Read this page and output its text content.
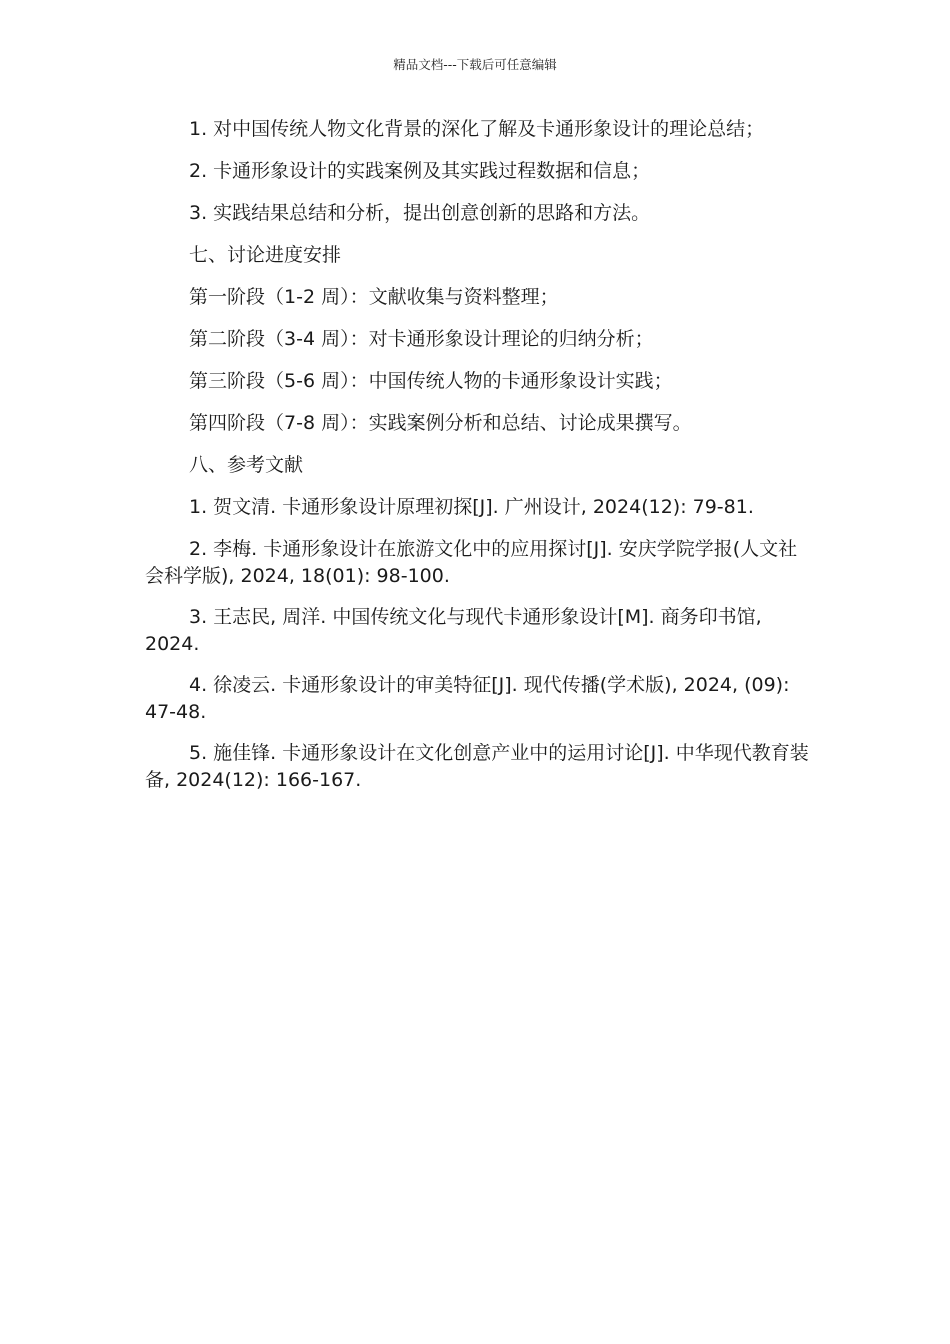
精品文档---下载后可任意编辑

1. 对中国传统人物文化背景的深化了解及卡通形象设计的理论总结；

2. 卡通形象设计的实践案例及其实践过程数据和信息；

3. 实践结果总结和分析，提出创意创新的思路和方法。

七、讨论进度安排

第一阶段（1-2 周）：文献收集与资料整理；

第二阶段（3-4 周）：对卡通形象设计理论的归纳分析；

第三阶段（5-6 周）：中国传统人物的卡通形象设计实践；

第四阶段（7-8 周）：实践案例分析和总结、讨论成果撰写。

八、参考文献

1. 贺文清. 卡通形象设计原理初探[J]. 广州设计, 2024(12): 79-81.

2. 李梅. 卡通形象设计在旅游文化中的应用探讨[J]. 安庆学院学报(人文社会科学版), 2024, 18(01): 98-100.

3. 王志民, 周洋. 中国传统文化与现代卡通形象设计[M]. 商务印书馆, 2024.

4. 徐凌云. 卡通形象设计的审美特征[J]. 现代传播(学术版), 2024, (09): 47-48.

5. 施佳锋. 卡通形象设计在文化创意产业中的运用讨论[J]. 中华现代教育装备, 2024(12): 166-167.
